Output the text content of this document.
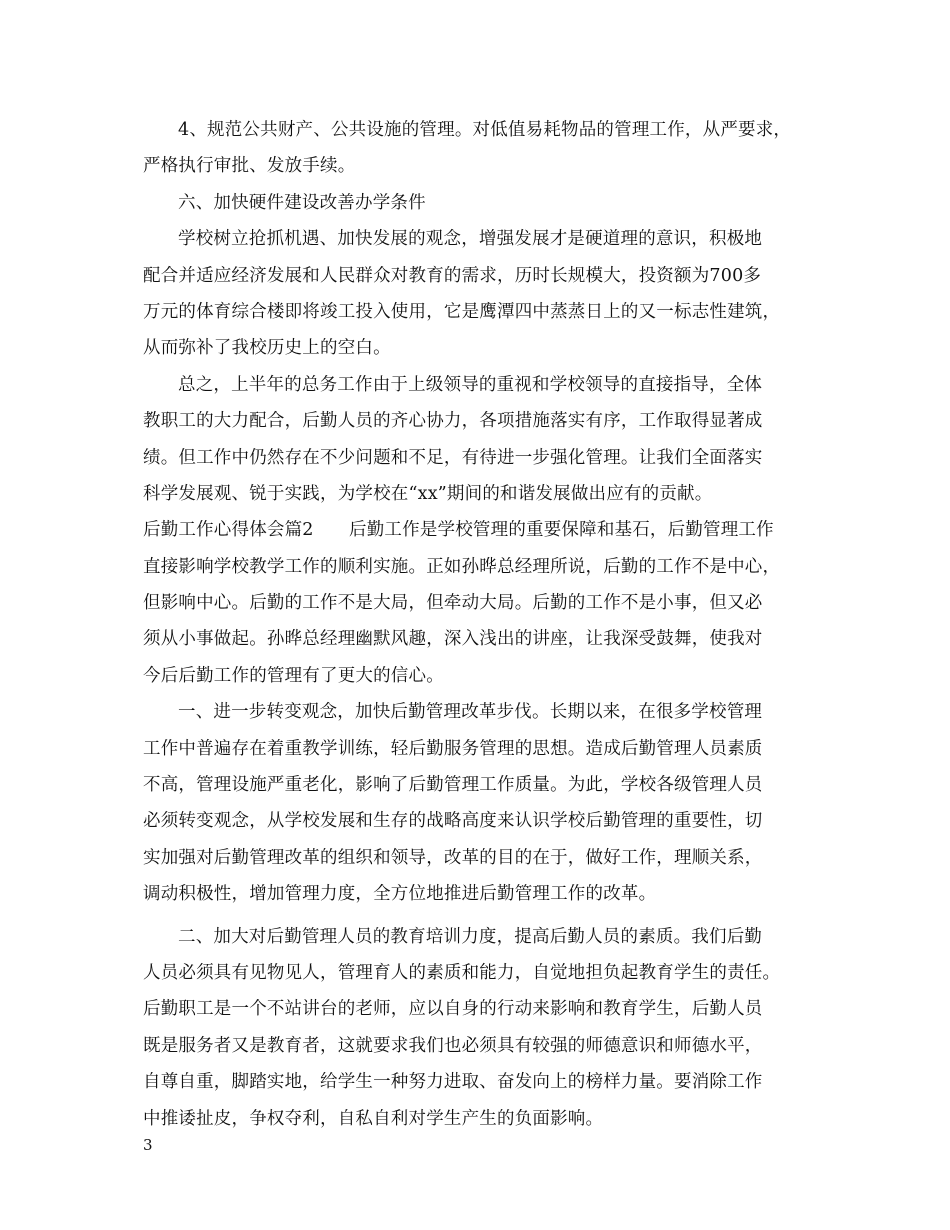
4、规范公共财产、公共设施的管理。对低值易耗物品的管理工作，从严要求，
严格执行审批、发放手续。
六、加快硬件建设改善办学条件
学校树立抢抓机遇、加快发展的观念，增强发展才是硬道理的意识，积极地
配合并适应经济发展和人民群众对教育的需求，历时长规模大，投资额为700多
万元的体育综合楼即将竣工投入使用，它是鹰潭四中蒸蒸日上的又一标志性建筑，
从而弥补了我校历史上的空白。
总之，上半年的总务工作由于上级领导的重视和学校领导的直接指导，全体
教职工的大力配合，后勤人员的齐心协力，各项措施落实有序，工作取得显著成
绩。但工作中仍然存在不少问题和不足，有待进一步强化管理。让我们全面落实
科学发展观、锐于实践，为学校在“xx”期间的和谐发展做出应有的贡献。
后勤工作心得体会篇2　　后勤工作是学校管理的重要保障和基石，后勤管理工作
直接影响学校教学工作的顺利实施。正如孙晔总经理所说，后勤的工作不是中心，
但影响中心。后勤的工作不是大局，但牵动大局。后勤的工作不是小事，但又必
须从小事做起。孙晔总经理幽默风趣，深入浅出的讲座，让我深受鼓舞，使我对
今后后勤工作的管理有了更大的信心。
一、进一步转变观念，加快后勤管理改革步伐。长期以来，在很多学校管理
工作中普遍存在着重教学训练，轻后勤服务管理的思想。造成后勤管理人员素质
不高，管理设施严重老化，影响了后勤管理工作质量。为此，学校各级管理人员
必须转变观念，从学校发展和生存的战略高度来认识学校后勤管理的重要性，切
实加强对后勤管理改革的组织和领导，改革的目的在于，做好工作，理顺关系，
调动积极性，增加管理力度，全方位地推进后勤管理工作的改革。
二、加大对后勤管理人员的教育培训力度，提高后勤人员的素质。我们后勤
人员必须具有见物见人，管理育人的素质和能力，自觉地担负起教育学生的责任。
后勤职工是一个不站讲台的老师，应以自身的行动来影响和教育学生，后勤人员
既是服务者又是教育者，这就要求我们也必须具有较强的师德意识和师德水平，
自尊自重，脚踏实地，给学生一种努力进取、奋发向上的榜样力量。要消除工作
中推诿扯皮，争权夺利，自私自利对学生产生的负面影响。
3
